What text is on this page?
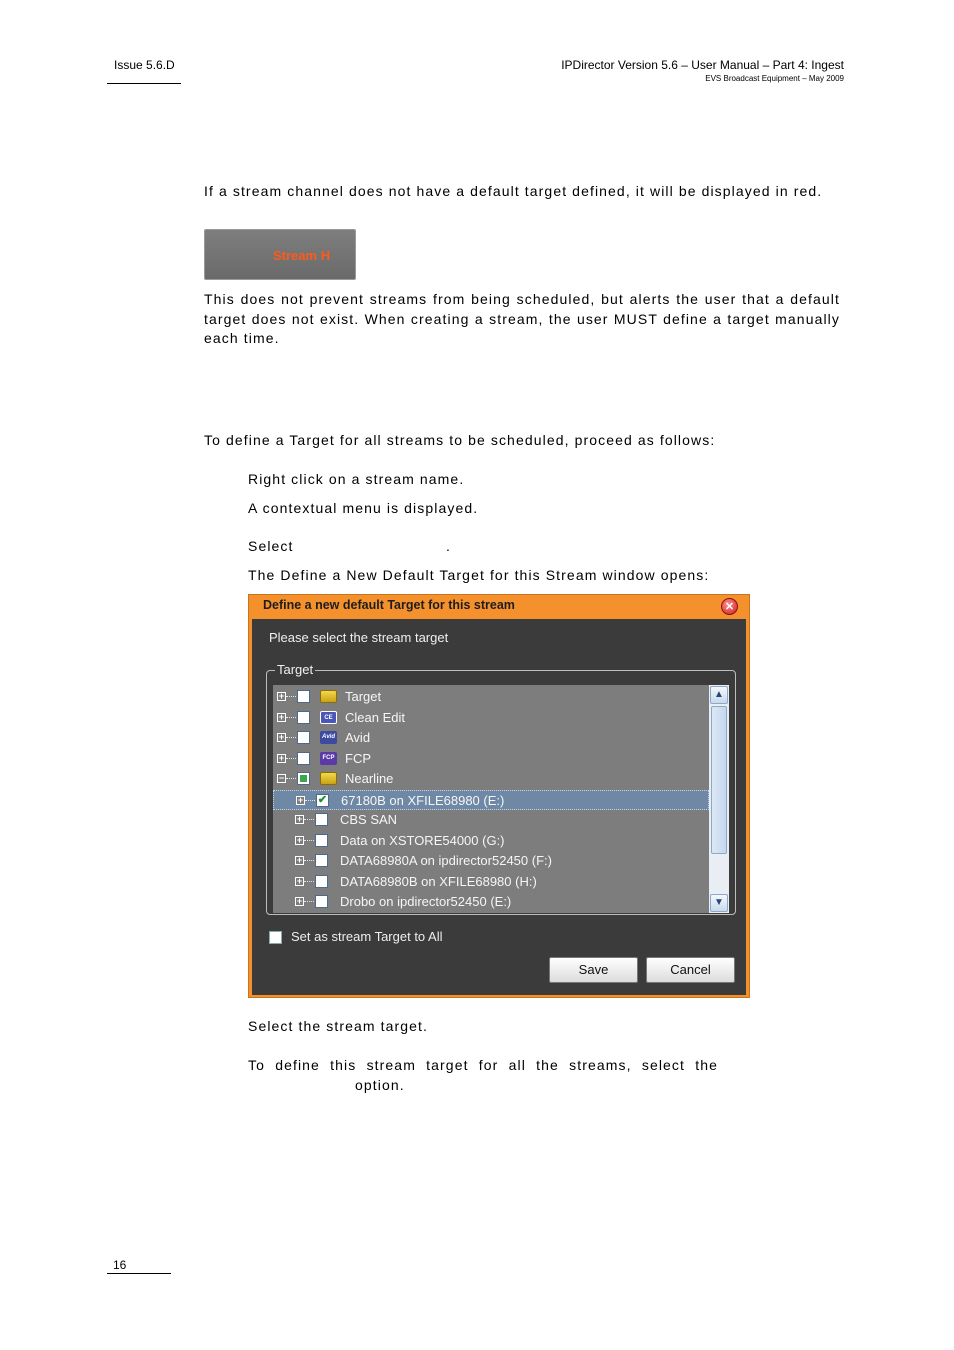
Issue 5.6.D	IPDirector Version 5.6 – User Manual – Part 4: Ingest
EVS Broadcast Equipment – May 2009
If a stream channel does not have a default target defined, it will be displayed in red.
Stream H
This does not prevent streams from being scheduled, but alerts the user that a default target does not exist. When creating a stream, the user MUST define a target manually each time.
To define a Target for all streams to be scheduled, proceed as follows:
Right click on a stream name.
A contextual menu is displayed.
Select	.
The Define a New Default Target for this Stream window opens:
Define a new default Target for this stream	✕
Please select the stream target
Target
+	Target
+	CE Clean Edit
+	Avid Avid
+	FCP FCP
−	Nearline
+ ✔ 67180B on XFILE68980 (E:)
+	CBS SAN
+	Data on XSTORE54000 (G:)
+	DATA68980A on ipdirector52450 (F:)
+	DATA68980B on XFILE68980 (H:)
+	Drobo on ipdirector52450 (E:)
▲
▼
Set as stream Target to All
Save	Cancel
Select the stream target.
To define this stream target for all the streams, select the
option.
16
